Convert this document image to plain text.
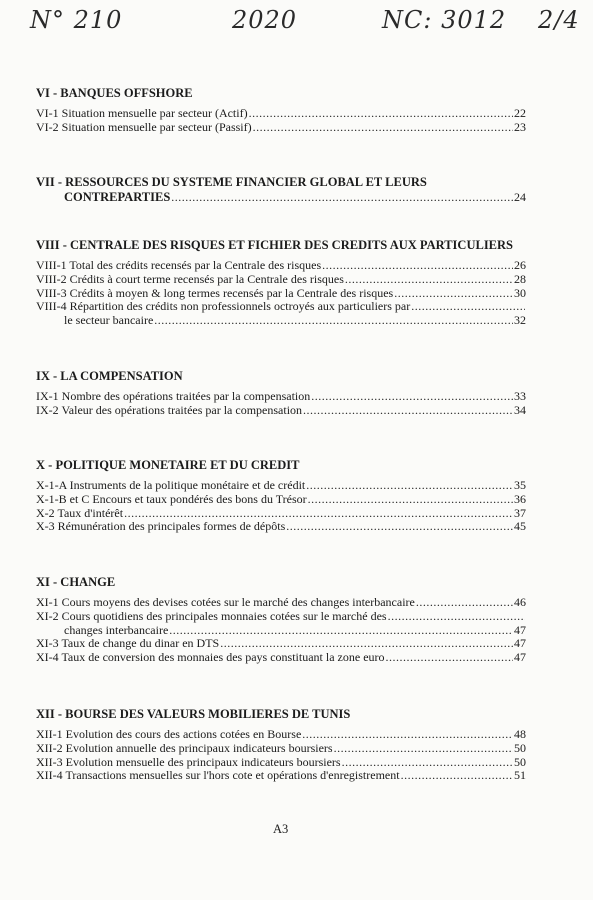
N° 210	2020	NC: 3012 2/4
VI - BANQUES OFFSHORE
VI-1 Situation mensuelle par secteur (Actif) .....	22
VI-2 Situation mensuelle par secteur (Passif) .....	23
VII - RESSOURCES DU SYSTEME FINANCIER GLOBAL ET LEURS
CONTREPARTIES .....	24
VIII - CENTRALE DES RISQUES ET FICHIER DES CREDITS AUX PARTICULIERS
VIII-1 Total des crédits recensés par la Centrale des risques .....	26
VIII-2 Crédits à court terme recensés par la Centrale des risques .....	28
VIII-3 Crédits à moyen & long termes recensés par la Centrale des risques .....	30
VIII-4 Répartition des crédits non professionnels octroyés aux particuliers par
.....
le secteur bancaire .....	32
IX - LA COMPENSATION
IX-1 Nombre des opérations traitées par la compensation .....	33
IX-2 Valeur des opérations traitées par la compensation .....	34
X - POLITIQUE MONETAIRE ET DU CREDIT
X-1-A Instruments de la politique monétaire et de crédit .....	35
X-1-B et C Encours et taux pondérés des bons du Trésor .....	36
X-2 Taux d'intérêt .....	37
X-3 Rémunération des principales formes de dépôts .....	45
XI - CHANGE
XI-1 Cours moyens des devises cotées sur le marché des changes interbancaire .....	46
XI-2 Cours quotidiens des principales monnaies cotées sur le marché des
.....
changes interbancaire .....	47
XI-3 Taux de change du dinar en DTS .....	47
XI-4 Taux de conversion des monnaies des pays constituant la zone euro .....	47
XII - BOURSE DES VALEURS MOBILIERES DE TUNIS
XII-1 Evolution des cours des actions cotées en Bourse .....	48
XII-2 Evolution annuelle des principaux indicateurs boursiers .....	50
XII-3 Evolution mensuelle des principaux indicateurs boursiers .....	50
XII-4 Transactions mensuelles sur l'hors cote et opérations d'enregistrement .....	51
A3
